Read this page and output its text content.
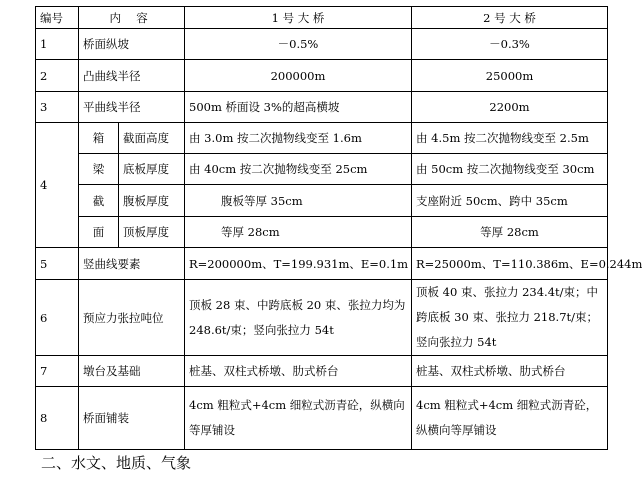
编号	内 容		1 号 大 桥	2 号 大 桥
1	桥面纵坡		－0.5%	－0.3%
2	凸曲线半径		200000m	25000m
3	平曲线半径		500m 桥面设 3%的超高横坡	2200m
4	箱	截面高度	由 3.0m 按二次抛物线变至 1.6m	由 4.5m 按二次抛物线变至 2.5m
	梁	底板厚度	由 40cm 按二次抛物线变至 25cm	由 50cm 按二次抛物线变至 30cm
	截	腹板厚度	腹板等厚 35cm	支座附近 50cm、跨中 35cm
	面	顶板厚度	等厚 28cm	等厚 28cm
5	竖曲线要素		R=200000m、T=199.931m、E=0.1m	R=25000m、T=110.386m、E=0.244m
6	预应力张拉吨位		顶板 28 束、中跨底板 20 束、张拉力均为 248.6t/束；竖向张拉力 54t	顶板 40 束、张拉力 234.4t/束；中跨底板 30 束、张拉力 218.7t/束；竖向张拉力 54t
7	墩台及基础		桩基、双柱式桥墩、肋式桥台	桩基、双柱式桥墩、肋式桥台
8	桥面铺装		4cm 粗粒式+4cm 细粒式沥青砼，纵横向等厚铺设	4cm 粗粒式+4cm 细粒式沥青砼，纵横向等厚铺设
二、水文、地质、气象
